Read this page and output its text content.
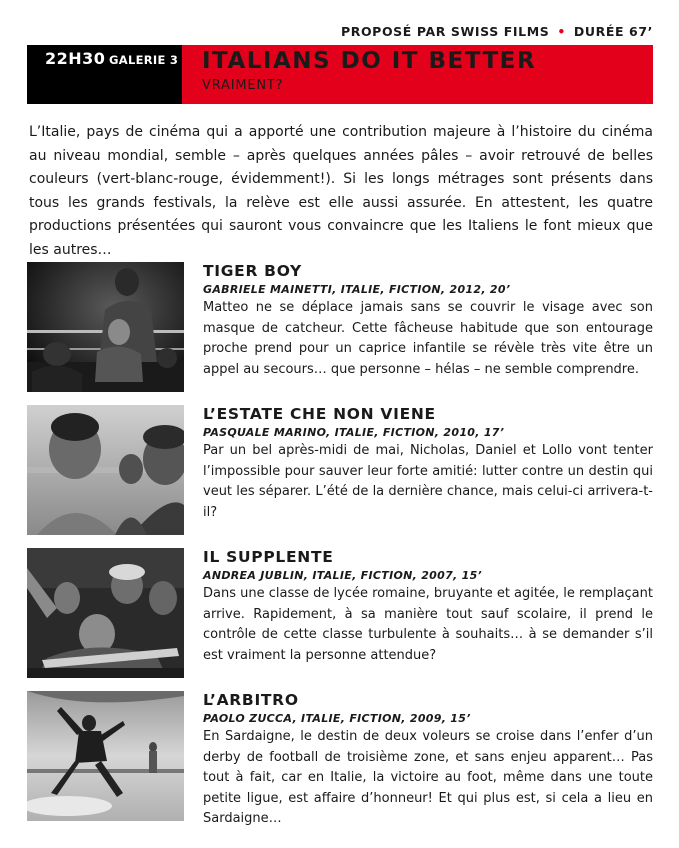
PROPOSÉ PAR SWISS FILMS • DURÉE 67’
22H30 GALERIE 3 ITALIANS DO IT BETTER
VRAIMENT?

L’Italie, pays de cinéma qui a apporté une contribution majeure à l’histoire du cinéma au niveau mondial, semble – après quelques années pâles – avoir retrouvé de belles couleurs (vert-blanc-rouge, évidemment!). Si les longs métrages sont présents dans tous les grands festivals, la relève est elle aussi assurée. En attestent, les quatre productions présentées qui sauront vous convaincre que les Italiens le font mieux que les autres…

TIGER BOY
GABRIELE MAINETTI, ITALIE, FICTION, 2012, 20’

Matteo ne se déplace jamais sans se couvrir le visage avec son masque de catcheur. Cette fâcheuse habitude que son entourage proche prend pour un caprice infantile se révèle très vite être un appel au secours… que personne – hélas – ne semble comprendre.

L’ESTATE CHE NON VIENE
PASQUALE MARINO, ITALIE, FICTION, 2010, 17’

Par un bel après-midi de mai, Nicholas, Daniel et Lollo vont tenter l’impossible pour sauver leur forte amitié: lutter contre un destin qui veut les séparer. L’été de la dernière chance, mais celui-ci arrivera-t-il?

IL SUPPLENTE
ANDREA JUBLIN, ITALIE, FICTION, 2007, 15’

Dans une classe de lycée romaine, bruyante et agitée, le remplaçant arrive. Rapidement, à sa manière tout sauf scolaire, il prend le contrôle de cette classe turbulente à souhaits… à se demander s’il est vraiment la personne attendue?

L’ARBITRO
PAOLO ZUCCA, ITALIE, FICTION, 2009, 15’

En Sardaigne, le destin de deux voleurs se croise dans l’enfer d’un derby de football de troisième zone, et sans enjeu apparent… Pas tout à fait, car en Italie, la victoire au foot, même dans une toute petite ligue, est affaire d’honneur! Et qui plus est, si cela a lieu en Sardaigne…
